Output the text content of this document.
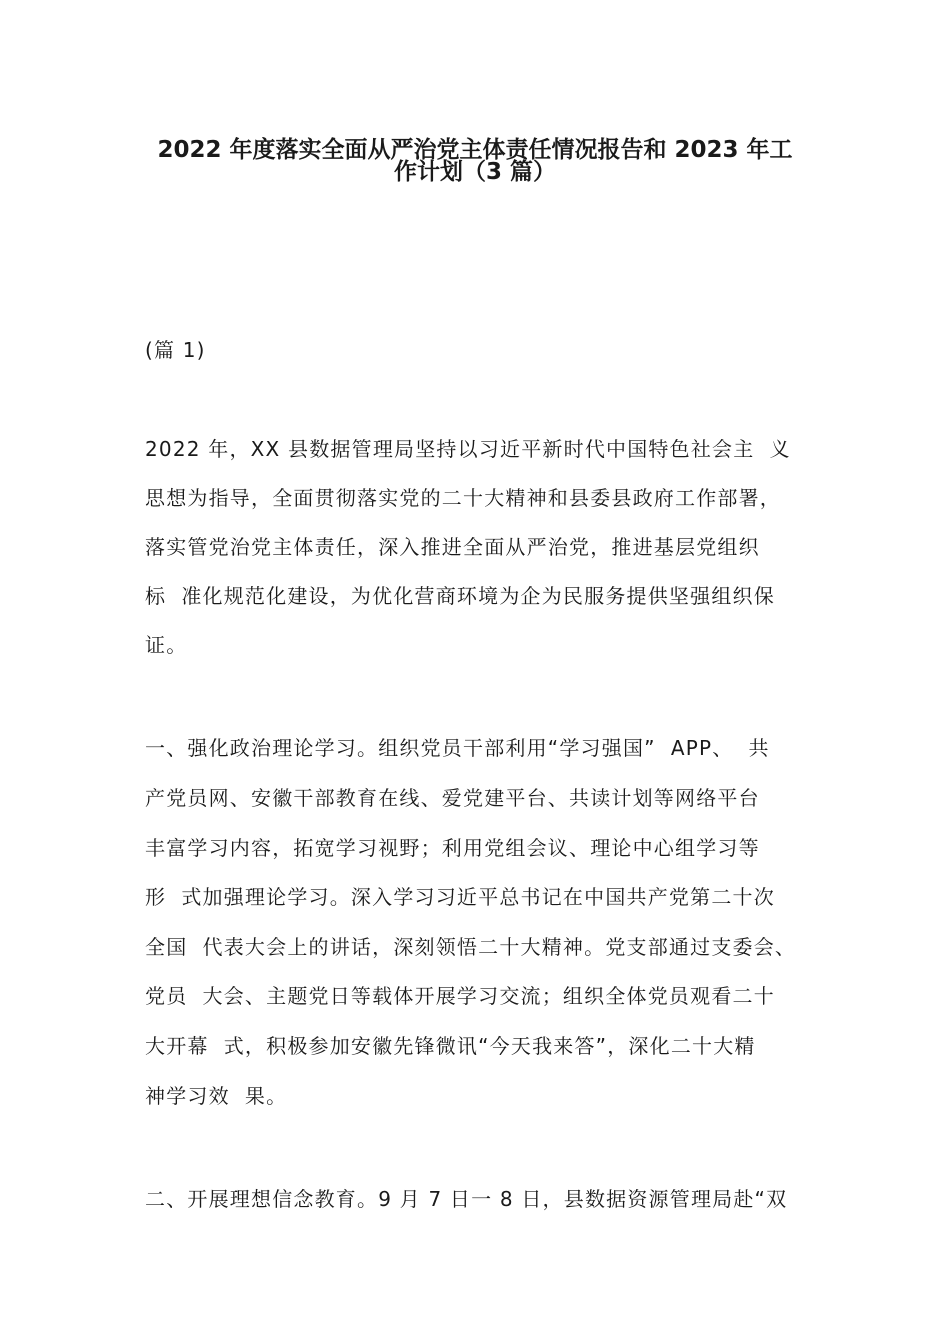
2022 年度落实全面从严治党主体责任情况报告和 2023 年工
作计划（3 篇）

(篇 1)

2022 年，XX 县数据管理局坚持以习近平新时代中国特色社会主  义

思想为指导，全面贯彻落实党的二十大精神和县委县政府工作部署，

落实管党治党主体责任，深入推进全面从严治党，推进基层党组织

标  准化规范化建设，为优化营商环境为企为民服务提供坚强组织保

证。

一、强化政治理论学习。组织党员干部利用“学习强国”  APP、  共

产党员网、安徽干部教育在线、爱党建平台、共读计划等网络平台

丰富学习内容，拓宽学习视野；利用党组会议、理论中心组学习等

形  式加强理论学习。深入学习习近平总书记在中国共产党第二十次

全国  代表大会上的讲话，深刻领悟二十大精神。党支部通过支委会、

党员  大会、主题党日等载体开展学习交流；组织全体党员观看二十

大开幕  式，积极参加安徽先锋微讯“今天我来答”，深化二十大精

神学习效  果。

二、开展理想信念教育。9 月 7 日一 8 日，县数据资源管理局赴“双
